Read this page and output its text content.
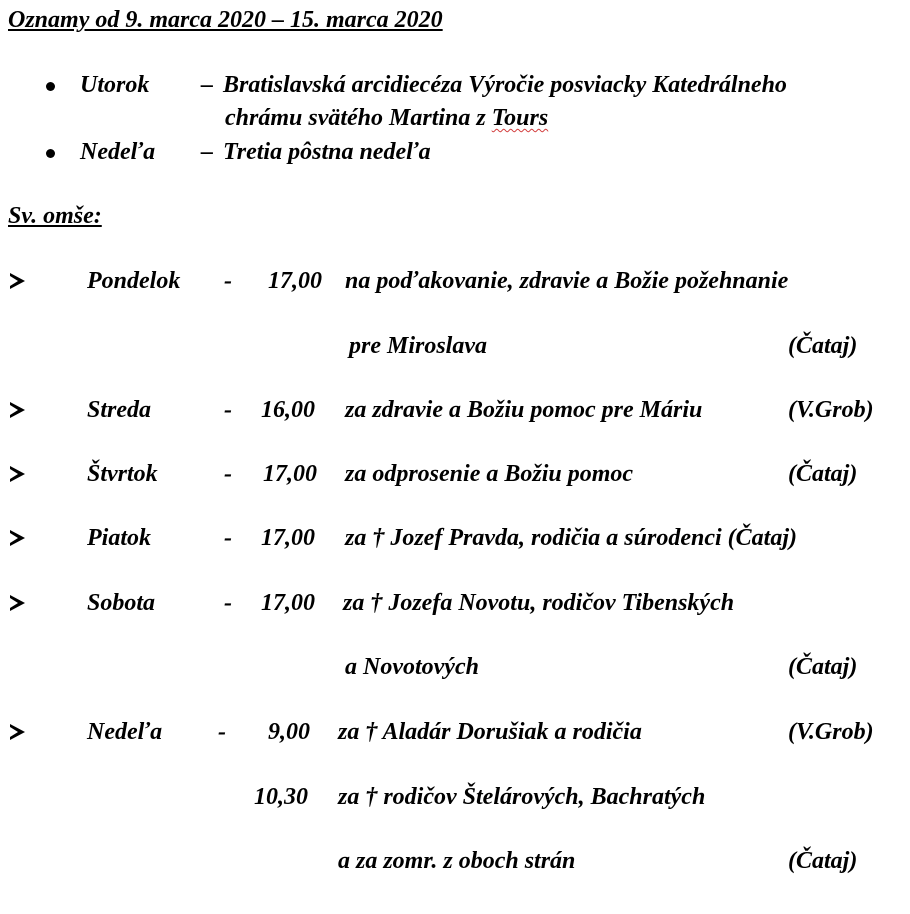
Oznamy od 9. marca 2020 – 15. marca 2020
Utorok – Bratislavská arcidiecéza Výročie posviacky Katedrálneho
chrámu svätého Martina z Tours
Nedeľa – Tretia pôstna nedeľa
Sv. omše:
Pondelok - 17,00 na poďakovanie, zdravie a Božie požehnanie
pre Miroslava	(Čataj)
Streda	- 16,00 za zdravie a Božiu pomoc pre Máriu	(V.Grob)
Štvrtok	- 17,00 za odprosenie a Božiu pomoc	(Čataj)
Piatok	- 17,00 za † Jozef Pravda, rodičia a súrodenci (Čataj)
Sobota	- 17,00 za † Jozefa Novotu, rodičov Tibenských
a Novotových	(Čataj)
Nedeľa - 9,00 za † Aladár Dorušiak a rodičia	(V.Grob)
10,30 za † rodičov Štelárových, Bachratých
a za zomr. z oboch strán	(Čataj)
